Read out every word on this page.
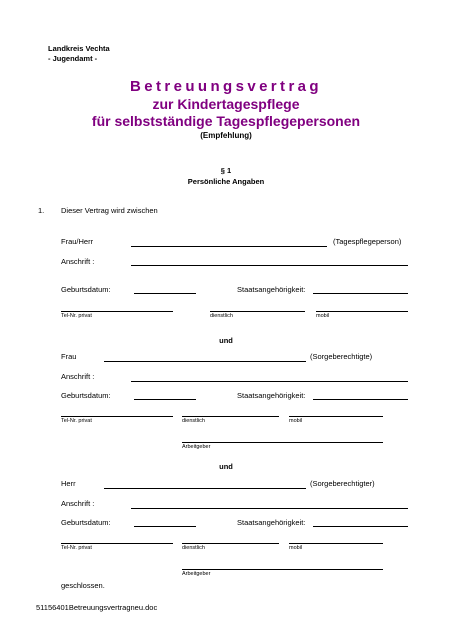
Landkreis Vechta
- Jugendamt -
Betreuungsvertrag
zur Kindertagespflege
für selbstständige Tagespflegepersonen
(Empfehlung)
§ 1
Persönliche Angaben
1. Dieser Vertrag wird zwischen
Frau/Herr	(Tagespflegeperson)
Anschrift :
Geburtsdatum:	Staatsangehörigkeit:
Tel-Nr. privat	dienstlich	mobil
und
Frau	(Sorgeberechtigte)
Anschrift :
Geburtsdatum:	Staatsangehörigkeit:
Tel-Nr. privat	dienstlich	mobil
Arbeitgeber
und
Herr	(Sorgeberechtigter)
Anschrift :
Geburtsdatum:	Staatsangehörigkeit:
Tel-Nr. privat	dienstlich	mobil
Arbeitgeber
geschlossen.
51156401Betreuungsvertragneu.doc
